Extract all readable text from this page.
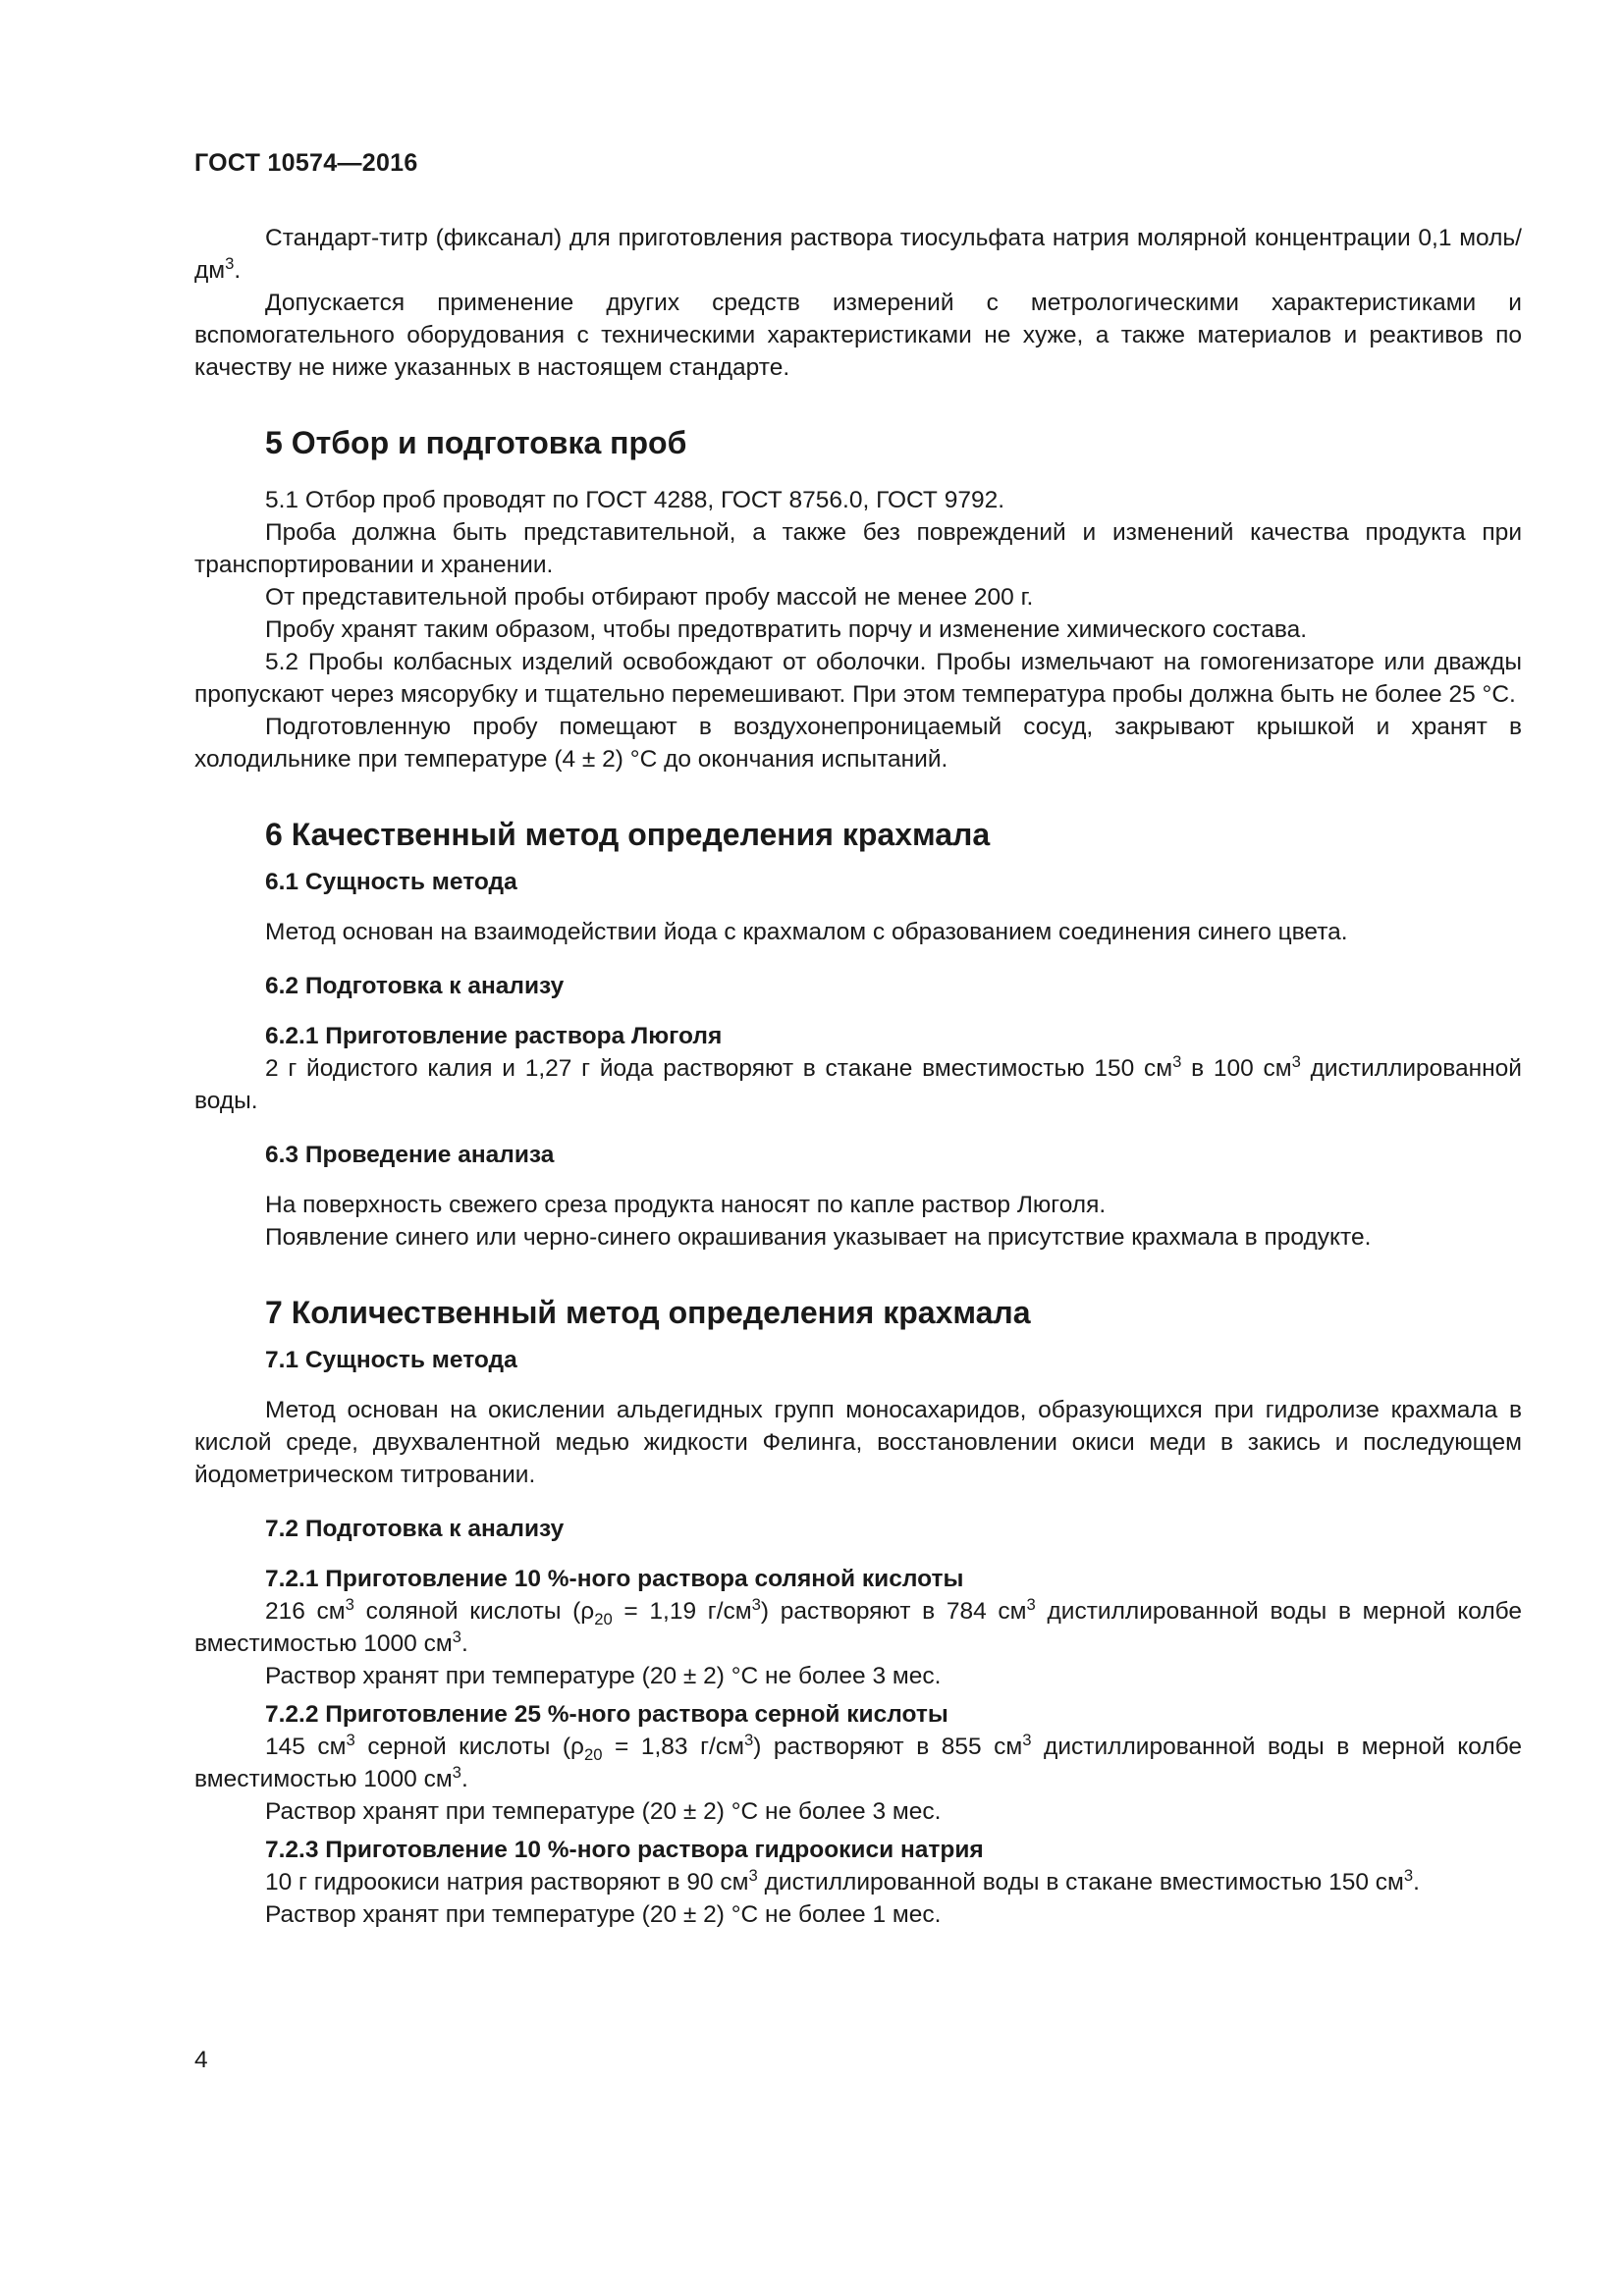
ГОСТ 10574—2016

Стандарт-титр (фиксанал) для приготовления раствора тиосульфата натрия молярной концентрации 0,1 моль/$дм^3$.

Допускается применение других средств измерений с метрологическими характеристиками и вспомогательного оборудования с техническими характеристиками не хуже, а также материалов и реактивов по качеству не ниже указанных в настоящем стандарте.

5 Отбор и подготовка проб

5.1 Отбор проб проводят по ГОСТ 4288, ГОСТ 8756.0, ГОСТ 9792.

Проба должна быть представительной, а также без повреждений и изменений качества продукта при транспортировании и хранении.

От представительной пробы отбирают пробу массой не менее 200 г.

Пробу хранят таким образом, чтобы предотвратить порчу и изменение химического состава.

5.2 Пробы колбасных изделий освобождают от оболочки. Пробы измельчают на гомогенизаторе или дважды пропускают через мясорубку и тщательно перемешивают. При этом температура пробы должна быть не более 25 °С.

Подготовленную пробу помещают в воздухонепроницаемый сосуд, закрывают крышкой и хранят в холодильнике при температуре (4 ± 2) °С до окончания испытаний.

6 Качественный метод определения крахмала

6.1 Сущность метода

Метод основан на взаимодействии йода с крахмалом с образованием соединения синего цвета.

6.2 Подготовка к анализу

6.2.1 Приготовление раствора Люголя

2 г йодистого калия и 1,27 г йода растворяют в стакане вместимостью 150 $см^3$ в 100 $см^3$ дистиллированной воды.

6.3 Проведение анализа

На поверхность свежего среза продукта наносят по капле раствор Люголя.

Появление синего или черно-синего окрашивания указывает на присутствие крахмала в продукте.

7 Количественный метод определения крахмала

7.1 Сущность метода

Метод основан на окислении альдегидных групп моносахаридов, образующихся при гидролизе крахмала в кислой среде, двухвалентной медью жидкости Фелинга, восстановлении окиси меди в закись и последующем йодометрическом титровании.

7.2 Подготовка к анализу

7.2.1 Приготовление 10 %-ного раствора соляной кислоты

216 $см^3$ соляной кислоты ($\rho_{20} = 1,19$ $г/см^3$) растворяют в 784 $см^3$ дистиллированной воды в мерной колбе вместимостью 1000 $см^3$.

Раствор хранят при температуре (20 ± 2) °С не более 3 мес.

7.2.2 Приготовление 25 %-ного раствора серной кислоты

145 $см^3$ серной кислоты ($\rho_{20} = 1,83$ $г/см^3$) растворяют в 855 $см^3$ дистиллированной воды в мерной колбе вместимостью 1000 $см^3$.

Раствор хранят при температуре (20 ± 2) °С не более 3 мес.

7.2.3 Приготовление 10 %-ного раствора гидроокиси натрия

10 г гидроокиси натрия растворяют в 90 $см^3$ дистиллированной воды в стакане вместимостью 150 $см^3$.

Раствор хранят при температуре (20 ± 2) °С не более 1 мес.

4
